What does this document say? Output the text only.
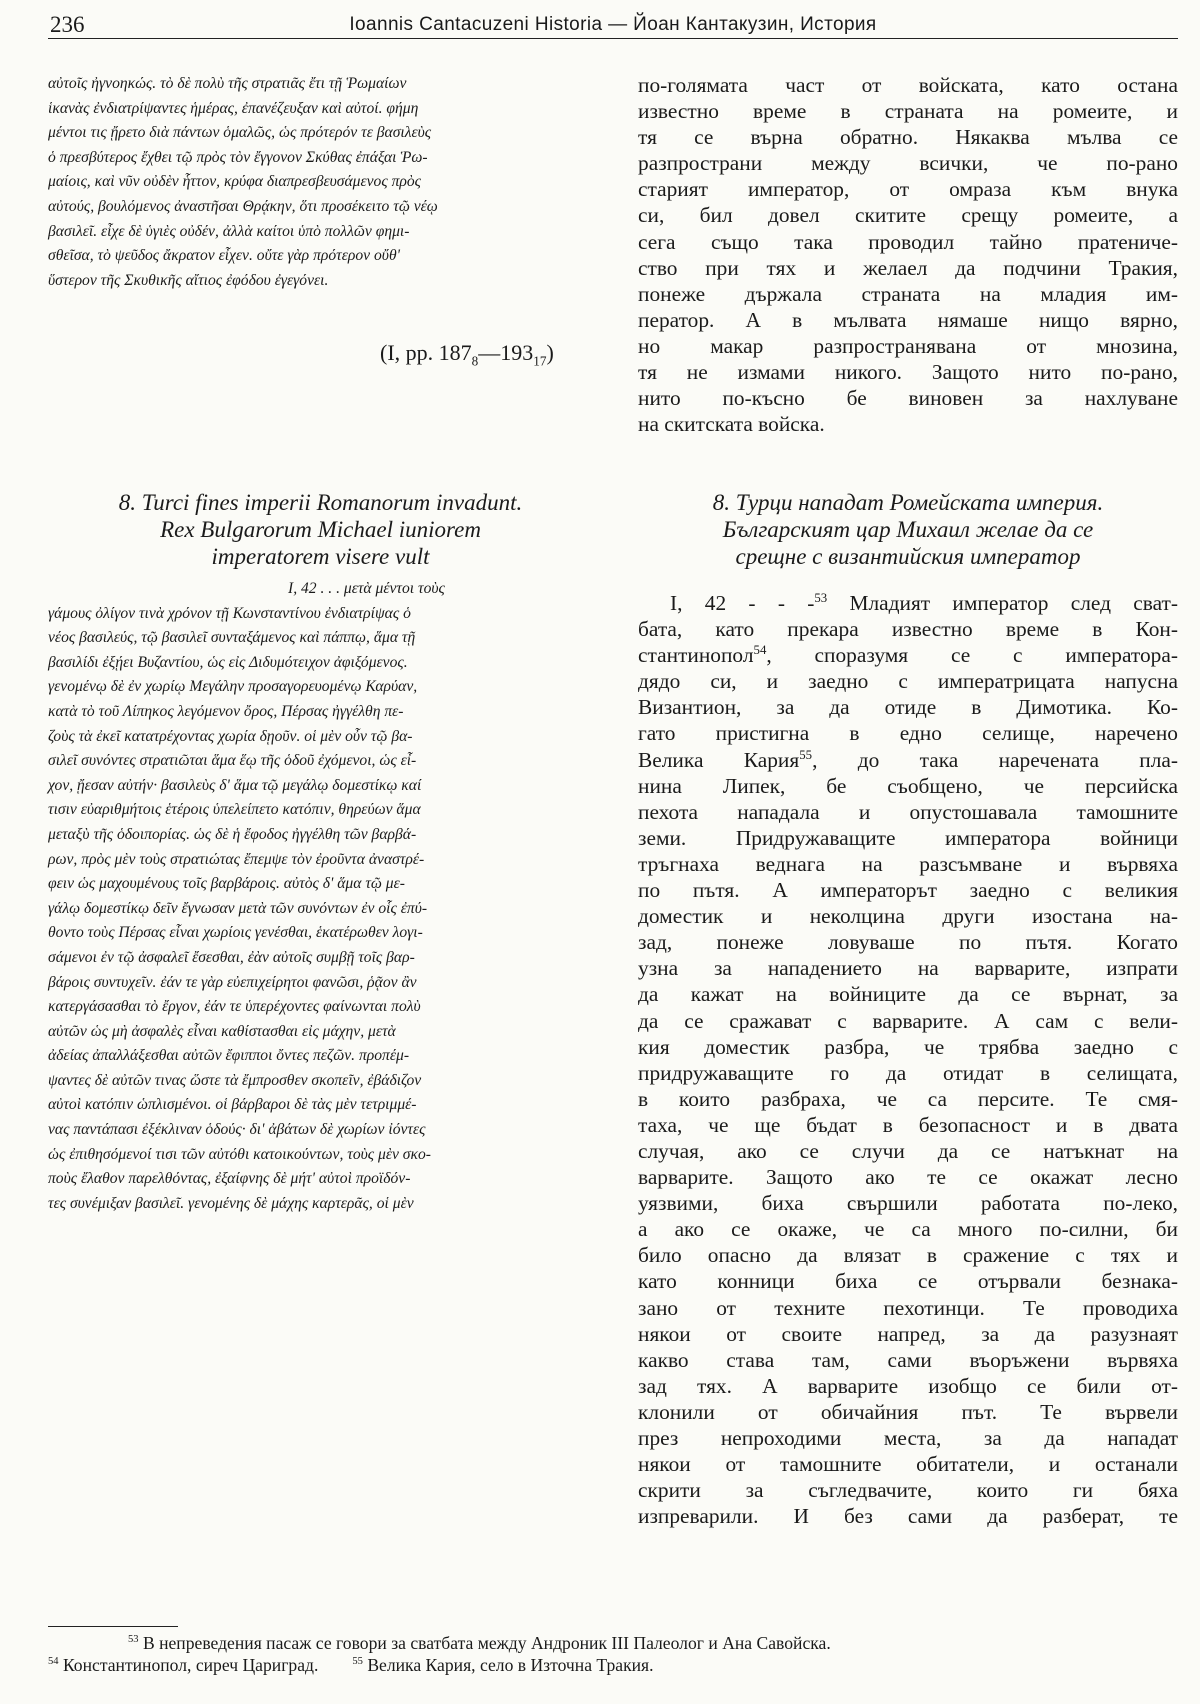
236	Ioannis Cantacuzeni Historia — Йоан Кантакузин, История
αὐτοῖς ἠγνοηκώς. τὸ δὲ πολὺ τῆς στρατιᾶς ἔτι τῇ Ῥωμαίων
ἱκανὰς ἐνδιατρίψαντες ἡμέρας, ἐπανέζευξαν καὶ αὐτοί. φήμη
μέντοι τις ᾔρετο διὰ πάντων ὁμαλῶς, ὡς πρότερόν τε βασιλεὺς
ὁ πρεσβύτερος ἔχθει τῷ πρὸς τὸν ἔγγονον Σκύθας ἐπάξαι Ῥω-
μαίοις, καὶ νῦν οὐδὲν ἧττον, κρύφα διαπρεσβευσάμενος πρὸς
αὐτούς, βουλόμενος ἀναστῆσαι Θρᾴκην, ὅτι προσέκειτο τῷ νέῳ
βασιλεῖ. εἶχε δὲ ὑγιὲς οὐδέν, ἀλλὰ καίτοι ὑπὸ πολλῶν φημι-
σθεῖσα, τὸ ψεῦδος ἄκρατον εἶχεν. οὔτε γὰρ πρότερον οὔθ'
ὕστερον τῆς Σκυθικῆς αἴτιος ἐφόδου ἐγεγόνει.
(I, pp. $187_8—193_{17}$)
по-голямата част от войската, като остана
известно време в страната на ромеите, и
тя се върна обратно. Някаква мълва се
разпространи между всички, че по-рано
старият император, от омраза към внука
си, бил довел скитите срещу ромеите, а
сега също така проводил тайно пратеничe-
ство при тях и желаел да подчини Тракия,
понеже държала страната на младия им-
ператор. А в мълвата нямаше нищо вярно,
но макар разпространявана от мнозина,
тя не измами никого. Защото нито по-рано,
нито по-късно бе виновен за нахлуване
на скитската войска.
8. Turci fines imperii Romanorum invadunt.
Rex Bulgarorum Michael iuniorem
imperatorem visere vult
8. Турци нападат Ромейската империя.
Българският цар Михаил желае да се
срещне с византийския император
I, 42 . . . μετὰ μέντοι τοὺς
γάμους ὀλίγον τινὰ χρόνον τῇ Κωνσταντίνου ἐνδιατρίψας ὁ
νέος βασιλεύς, τῷ βασιλεῖ συνταξάμενος καὶ πάππῳ, ἅμα τῇ
βασιλίδι ἐξῄει Βυζαντίου, ὡς εἰς Διδυμότειχον ἀφιξόμενος.
γενομένῳ δὲ ἐν χωρίῳ Μεγάλην προσαγορευομένῳ Καρύαν,
κατὰ τὸ τοῦ Λίπηκος λεγόμενον ὄρος, Πέρσας ἠγγέλθη πε-
ζοὺς τὰ ἐκεῖ κατατρέχοντας χωρία δῃοῦν. οἱ μὲν οὖν τῷ βα-
σιλεῖ συνόντες στρατιῶται ἅμα ἕῳ τῆς ὁδοῦ ἐχόμενοι, ὡς εἶ-
χον, ᾔεσαν αὐτήν· βασιλεὺς δ' ἅμα τῷ μεγάλῳ δομεστίκῳ καί
τισιν εὐαριθμήτοις ἑτέροις ὑπελείπετο κατόπιν, θηρεύων ἅμα
μεταξὺ τῆς ὁδοιπορίας. ὡς δὲ ἡ ἔφοδος ἠγγέλθη τῶν βαρβά-
ρων, πρὸς μὲν τοὺς στρατιώτας ἔπεμψε τὸν ἐροῦντα ἀναστρέ-
φειν ὡς μαχουμένους τοῖς βαρβάροις. αὐτὸς δ' ἅμα τῷ με-
γάλῳ δομεστίκῳ δεῖν ἔγνωσαν μετὰ τῶν συνόντων ἐν οἷς ἐπύ-
θοντο τοὺς Πέρσας εἶναι χωρίοις γενέσθαι, ἑκατέρωθεν λογι-
σάμενοι ἐν τῷ ἀσφαλεῖ ἔσεσθαι, ἐὰν αὐτοῖς συμβῇ τοῖς βαρ-
βάροις συντυχεῖν. ἐάν τε γὰρ εὐεπιχείρητοι φανῶσι, ῥᾷον ἂν
κατεργάσασθαι τὸ ἔργον, ἐάν τε ὑπερέχοντες φαίνωνται πολὺ
αὐτῶν ὡς μὴ ἀσφαλὲς εἶναι καθίστασθαι εἰς μάχην, μετὰ
ἀδείας ἀπαλλάξεσθαι αὐτῶν ἔφιπποι ὄντες πεζῶν. προπέμ-
ψαντες δὲ αὐτῶν τινας ὥστε τὰ ἔμπροσθεν σκοπεῖν, ἐβάδιζον
αὐτοὶ κατόπιν ὡπλισμένοι. οἱ βάρβαροι δὲ τὰς μὲν τετριμμέ-
νας παντάπασι ἐξέκλιναν ὁδούς· δι' ἀβάτων δὲ χωρίων ἰόντες
ὡς ἐπιθησόμενοί τισι τῶν αὐτόθι κατοικούντων, τοὺς μὲν σκο-
ποὺς ἔλαθον παρελθόντας, ἐξαίφνης δὲ μήτ' αὐτοὶ προϊδόν-
τες συνέμιξαν βασιλεῖ. γενομένης δὲ μάχης καρτερᾶς, οἱ μὲν
I, 42 - - -$^{53}$ Младият император след сват-
бата, като прекара известно време в Кон-
стантинопол$^{54}$, споразумя се с императора-
дядо си, и заедно с императрицата напусна
Византион, за да отиде в Димотика. Ко-
гато пристигна в едно селище, наречено
Велика Кария$^{55}$, до така наречената пла-
нина Липек, бе съобщено, че персийска
пехота нападала и опустошавала тамошните
земи. Придружаващите императора войници
тръгнаха веднага на разсъмване и вървяха
по пътя. А императорът заедно с великия
доместик и неколцина други изостана на-
зад, понеже ловуваше по пътя. Когато
узна за нападението на варварите, изпрати
да кажат на войниците да се върнат, за
да се сражават с варварите. А сам с вели-
кия доместик разбра, че трябва заедно с
придружаващите го да отидат в селищата,
в които разбраха, че са персите. Те смя-
таха, че ще бъдат в безопасност и в двата
случая, ако се случи да се натъкнат на
варварите. Защото ако те се окажат лесно
уязвими, биха свършили работата по-леко,
а ако се окаже, че са много по-силни, би
било опасно да влязат в сражение с тях и
като конници биха се отървали безнака-
зано от техните пехотинци. Те проводиха
някои от своите напред, за да разузнаят
какво става там, сами въоръжени вървяха
зад тях. А варварите изобщо се били от-
клонили от обичайния път. Те вървели
през непроходими места, за да нападат
някои от тамошните обитатели, и останали
скрити за съгледвачите, които ги бяха
изпреварили. И без сами да разберат, те
$^{53}$ В непреведения пасаж се говори за сватбата между Андроник III Палеолог и Ана Савойска.
$^{54}$ Константинопол, сиреч Цариград.	$^{55}$ Велика Кария, село в Източна Тракия.
